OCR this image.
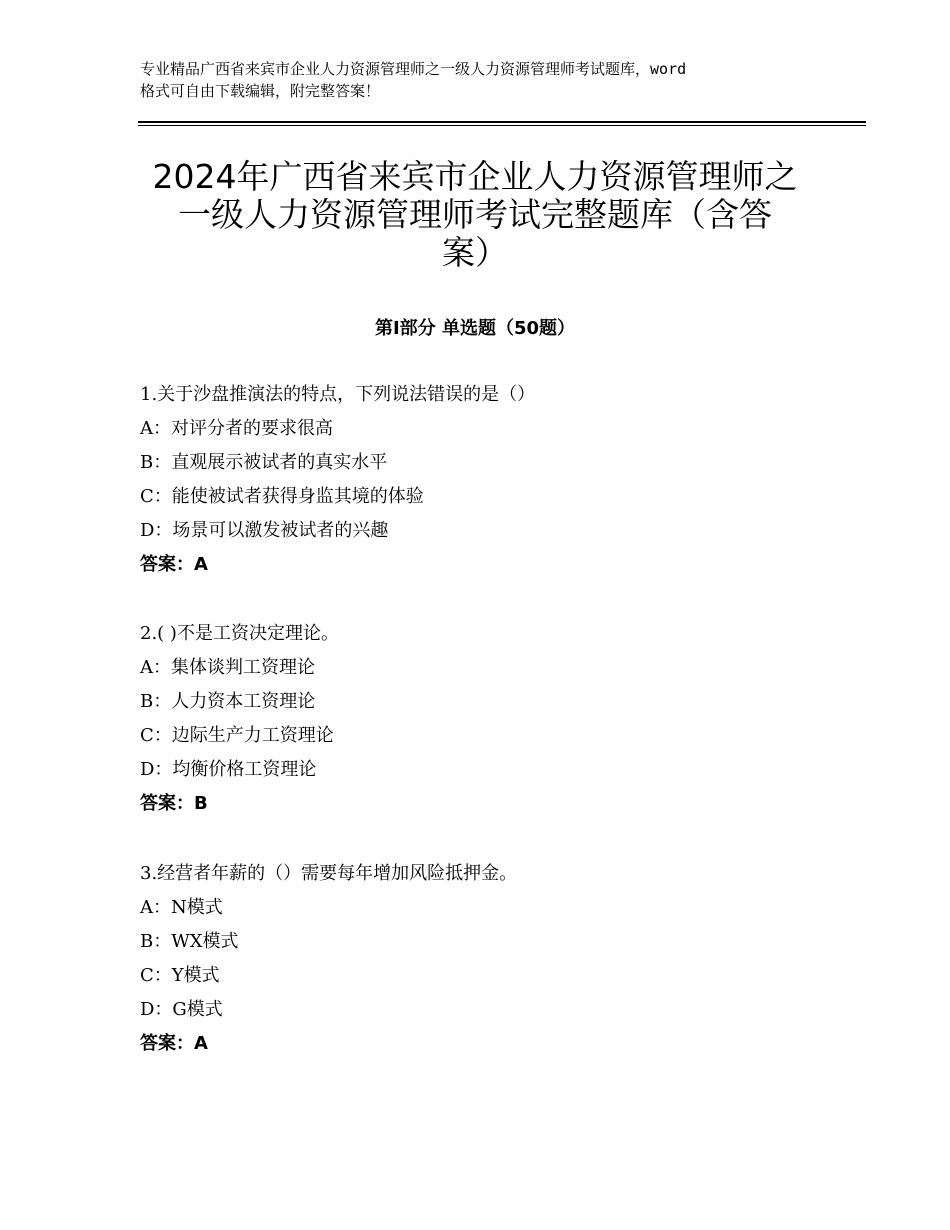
专业精品广西省来宾市企业人力资源管理师之一级人力资源管理师考试题库，word
格式可自由下载编辑，附完整答案！
2024年广西省来宾市企业人力资源管理师之
一级人力资源管理师考试完整题库（含答
案）
第Ⅰ部分 单选题（50题）
1.关于沙盘推演法的特点，下列说法错误的是（）
A：对评分者的要求很高
B：直观展示被试者的真实水平
C：能使被试者获得身监其境的体验
D：场景可以激发被试者的兴趣
答案：A
2.( )不是工资决定理论。
A：集体谈判工资理论
B：人力资本工资理论
C：边际生产力工资理论
D：均衡价格工资理论
答案：B
3.经营者年薪的（）需要每年增加风险抵押金。
A：N模式
B：WX模式
C：Y模式
D：G模式
答案：A
